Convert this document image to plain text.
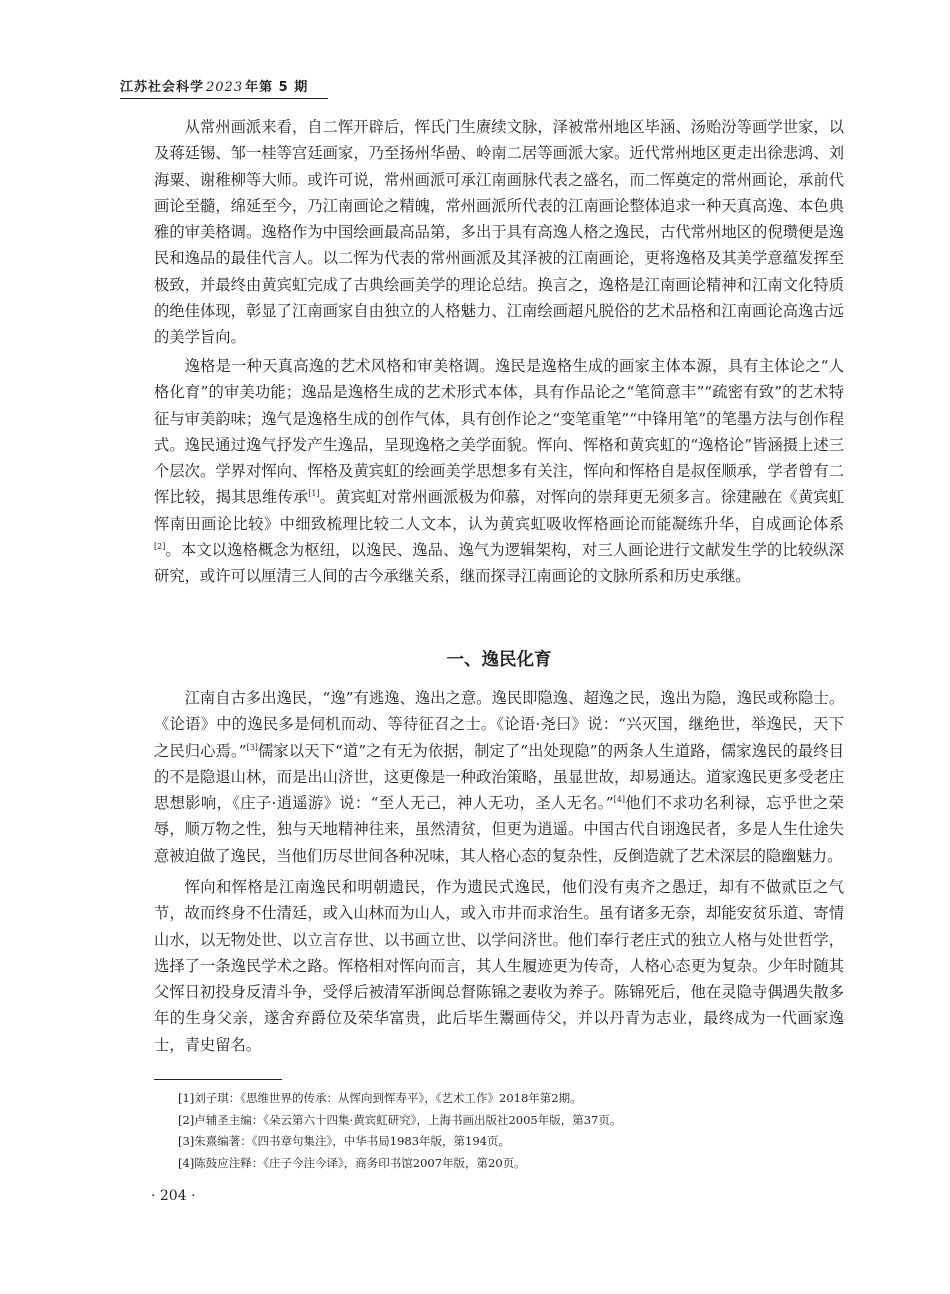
江苏社会科学 2023 年第 5 期

从常州画派来看，自二恽开辟后，恽氏门生赓续文脉，泽被常州地区毕涵、汤贻汾等画学世家，以及蒋廷锡、邹一桂等宫廷画家，乃至扬州华喦、岭南二居等画派大家。近代常州地区更走出徐悲鸿、刘海粟、谢稚柳等大师。或许可说，常州画派可承江南画脉代表之盛名，而二恽奠定的常州画论，承前代画论至髓，绵延至今，乃江南画论之精魄，常州画派所代表的江南画论整体追求一种天真高逸、本色典雅的审美格调。逸格作为中国绘画最高品第，多出于具有高逸人格之逸民，古代常州地区的倪瓒便是逸民和逸品的最佳代言人。以二恽为代表的常州画派及其泽被的江南画论，更将逸格及其美学意蕴发挥至极致，并最终由黄宾虹完成了古典绘画美学的理论总结。换言之，逸格是江南画论精神和江南文化特质的绝佳体现，彰显了江南画家自由独立的人格魅力、江南绘画超凡脱俗的艺术品格和江南画论高逸古远的美学旨向。

逸格是一种天真高逸的艺术风格和审美格调。逸民是逸格生成的画家主体本源，具有主体论之“人格化育”的审美功能；逸品是逸格生成的艺术形式本体，具有作品论之“笔简意丰”“疏密有致”的艺术特征与审美韵味；逸气是逸格生成的创作气体，具有创作论之“变笔重笔”“中锋用笔”的笔墨方法与创作程式。逸民通过逸气抒发产生逸品，呈现逸格之美学面貌。恽向、恽格和黄宾虹的“逸格论”皆涵摄上述三个层次。学界对恽向、恽格及黄宾虹的绘画美学思想多有关注，恽向和恽格自是叔侄顺承，学者曾有二恽比较，揭其思维传承[1]。黄宾虹对常州画派极为仰慕，对恽向的崇拜更无须多言。徐建融在《黄宾虹恽南田画论比较》中细致梳理比较二人文本，认为黄宾虹吸收恽格画论而能凝练升华，自成画论体系[2]。本文以逸格概念为枢纽，以逸民、逸品、逸气为逻辑架构，对三人画论进行文献发生学的比较纵深研究，或许可以厘清三人间的古今承继关系，继而探寻江南画论的文脉所系和历史承继。

一、逸民化育

江南自古多出逸民，“逸”有逃逸、逸出之意。逸民即隐逸、超逸之民，逸出为隐，逸民或称隐士。《论语》中的逸民多是伺机而动、等待征召之士。《论语·尧曰》说：“兴灭国，继绝世，举逸民，天下之民归心焉。”[3]儒家以天下“道”之有无为依据，制定了“出处现隐”的两条人生道路，儒家逸民的最终目的不是隐退山林，而是出山济世，这更像是一种政治策略，虽显世故，却易通达。道家逸民更多受老庄思想影响，《庄子·逍遥游》说：“至人无己，神人无功，圣人无名。”[4]他们不求功名利禄，忘乎世之荣辱，顺万物之性，独与天地精神往来，虽然清贫，但更为逍遥。中国古代自诩逸民者，多是人生仕途失意被迫做了逸民，当他们历尽世间各种况味，其人格心态的复杂性，反倒造就了艺术深层的隐幽魅力。

恽向和恽格是江南逸民和明朝遗民，作为遗民式逸民，他们没有夷齐之愚迂，却有不做贰臣之气节，故而终身不仕清廷，或入山林而为山人，或入市井而求治生。虽有诸多无奈，却能安贫乐道、寄情山水，以无物处世、以立言存世、以书画立世、以学问济世。他们奉行老庄式的独立人格与处世哲学，选择了一条逸民学术之路。恽格相对恽向而言，其人生履迹更为传奇，人格心态更为复杂。少年时随其父恽日初投身反清斗争，受俘后被清军浙闽总督陈锦之妻收为养子。陈锦死后，他在灵隐寺偶遇失散多年的生身父亲，遂舍弃爵位及荣华富贵，此后毕生鬻画侍父，并以丹青为志业，最终成为一代画家逸士，青史留名。

[1]刘子琪：《思维世界的传承：从恽向到恽寿平》，《艺术工作》2018年第2期。

[2]卢辅圣主编：《朵云第六十四集·黄宾虹研究》，上海书画出版社2005年版，第37页。

[3]朱熹编著：《四书章句集注》，中华书局1983年版，第194页。

[4]陈鼓应注释：《庄子今注今译》，商务印书馆2007年版，第20页。

· 204 ·
